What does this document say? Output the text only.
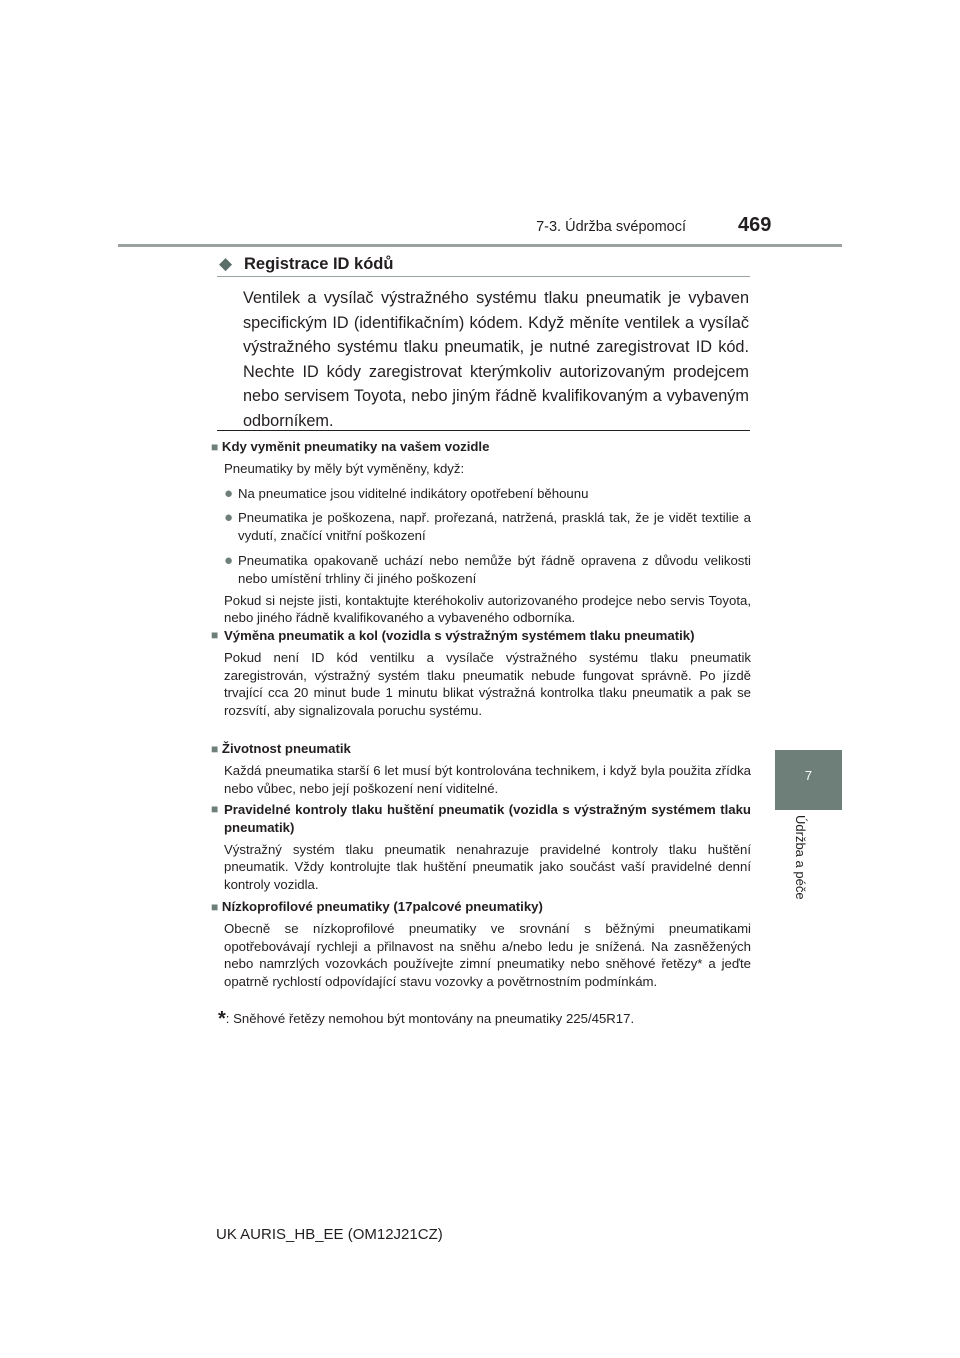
7-3. Údržba svépomocí	469
7
Údržba a péče
◆ Registrace ID kódů
Ventilek a vysílač výstražného systému tlaku pneumatik je vybaven specifickým ID (identifikačním) kódem. Když měníte ventilek a vysílač výstražného systému tlaku pneumatik, je nutné zaregistrovat ID kód. Nechte ID kódy zaregistrovat kterýmkoliv autorizovaným prodejcem nebo servisem Toyota, nebo jiným řádně kvalifikovaným a vybaveným odborníkem.
■ Kdy vyměnit pneumatiky na vašem vozidle
Pneumatiky by měly být vyměněny, když:
● Na pneumatice jsou viditelné indikátory opotřebení běhounu
● Pneumatika je poškozena, např. prořezaná, natržená, prasklá tak, že je vidět textilie a vydutí, značící vnitřní poškození
● Pneumatika opakovaně uchází nebo nemůže být řádně opravena z důvodu velikosti nebo umístění trhliny či jiného poškození
Pokud si nejste jisti, kontaktujte kteréhokoliv autorizovaného prodejce nebo servis Toyota, nebo jiného řádně kvalifikovaného a vybaveného odborníka.
■ Výměna pneumatik a kol (vozidla s výstražným systémem tlaku pneumatik)
Pokud není ID kód ventilku a vysílače výstražného systému tlaku pneumatik zaregistrován, výstražný systém tlaku pneumatik nebude fungovat správně. Po jízdě trvající cca 20 minut bude 1 minutu blikat výstražná kontrolka tlaku pneumatik a pak se rozsvítí, aby signalizovala poruchu systému.
■ Životnost pneumatik
Každá pneumatika starší 6 let musí být kontrolována technikem, i když byla použita zřídka nebo vůbec, nebo její poškození není viditelné.
■ Pravidelné kontroly tlaku huštění pneumatik (vozidla s výstražným systémem tlaku pneumatik)
Výstražný systém tlaku pneumatik nenahrazuje pravidelné kontroly tlaku huštění pneumatik. Vždy kontrolujte tlak huštění pneumatik jako součást vaší pravidelné denní kontroly vozidla.
■ Nízkoprofilové pneumatiky (17palcové pneumatiky)
Obecně se nízkoprofilové pneumatiky ve srovnání s běžnými pneumatikami opotřebovávají rychleji a přilnavost na sněhu a/nebo ledu je snížená. Na zasněžených nebo namrzlých vozovkách používejte zimní pneumatiky nebo sněhové řetězy* a jeďte opatrně rychlostí odpovídající stavu vozovky a povětrnostním podmínkám.
*: Sněhové řetězy nemohou být montovány na pneumatiky 225/45R17.
UK AURIS_HB_EE (OM12J21CZ)
